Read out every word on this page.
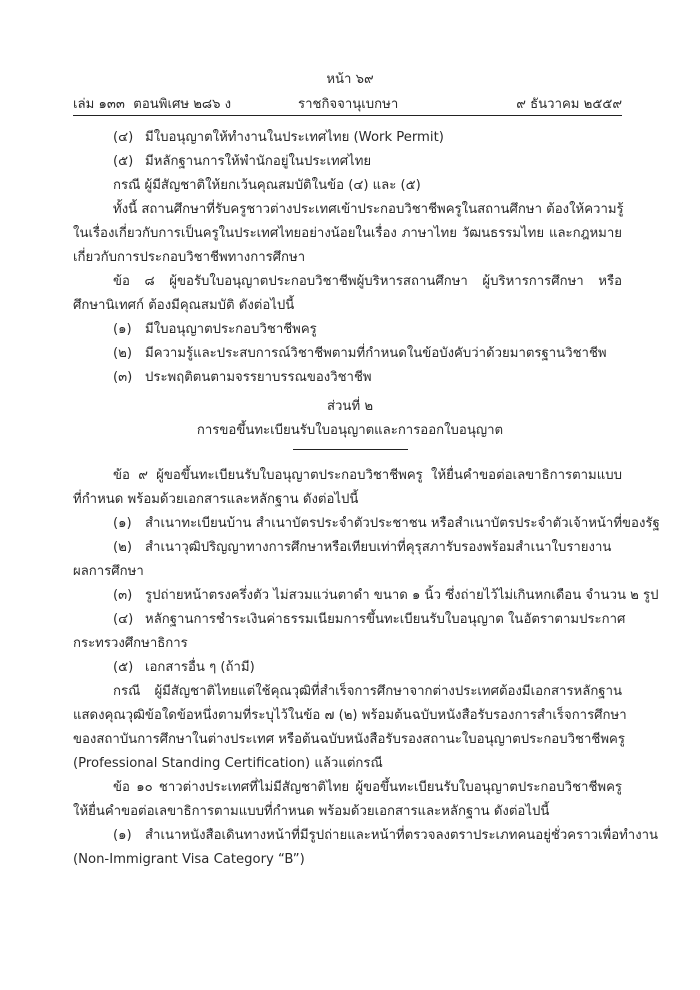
หน้า ๖๙
เล่ม ๑๓๓ ตอนพิเศษ ๒๘๖ ง	ราชกิจจานุเบกษา	๙ ธันวาคม ๒๕๕๙
(๔) มีใบอนุญาตให้ทำงานในประเทศไทย (Work Permit)
(๕) มีหลักฐานการให้พำนักอยู่ในประเทศไทย
กรณี ผู้มีสัญชาติให้ยกเว้นคุณสมบัติในข้อ (๔) และ (๕)
ทั้งนี้ สถานศึกษาที่รับครูชาวต่างประเทศเข้าประกอบวิชาชีพครูในสถานศึกษา ต้องให้ความรู้
ในเรื่องเกี่ยวกับการเป็นครูในประเทศไทยอย่างน้อยในเรื่อง ภาษาไทย วัฒนธรรมไทย และกฎหมาย
เกี่ยวกับการประกอบวิชาชีพทางการศึกษา
ข้อ ๘ ผู้ขอรับใบอนุญาตประกอบวิชาชีพผู้บริหารสถานศึกษา ผู้บริหารการศึกษา หรือ
ศึกษานิเทศก์ ต้องมีคุณสมบัติ ดังต่อไปนี้
(๑) มีใบอนุญาตประกอบวิชาชีพครู
(๒) มีความรู้และประสบการณ์วิชาชีพตามที่กำหนดในข้อบังคับว่าด้วยมาตรฐานวิชาชีพ
(๓) ประพฤติตนตามจรรยาบรรณของวิชาชีพ
ส่วนที่ ๒
การขอขึ้นทะเบียนรับใบอนุญาตและการออกใบอนุญาต
ข้อ ๙ ผู้ขอขึ้นทะเบียนรับใบอนุญาตประกอบวิชาชีพครู ให้ยื่นคำขอต่อเลขาธิการตามแบบ
ที่กำหนด พร้อมด้วยเอกสารและหลักฐาน ดังต่อไปนี้
(๑) สำเนาทะเบียนบ้าน สำเนาบัตรประจำตัวประชาชน หรือสำเนาบัตรประจำตัวเจ้าหน้าที่ของรัฐ
(๒) สำเนาวุฒิปริญญาทางการศึกษาหรือเทียบเท่าที่คุรุสภารับรองพร้อมสำเนาใบรายงาน
ผลการศึกษา
(๓) รูปถ่ายหน้าตรงครึ่งตัว ไม่สวมแว่นตาดำ ขนาด ๑ นิ้ว ซึ่งถ่ายไว้ไม่เกินหกเดือน จำนวน ๒ รูป
(๔) หลักฐานการชำระเงินค่าธรรมเนียมการขึ้นทะเบียนรับใบอนุญาต ในอัตราตามประกาศ
กระทรวงศึกษาธิการ
(๕) เอกสารอื่น ๆ (ถ้ามี)
กรณี ผู้มีสัญชาติไทยแต่ใช้คุณวุฒิที่สำเร็จการศึกษาจากต่างประเทศต้องมีเอกสารหลักฐาน
แสดงคุณวุฒิข้อใดข้อหนึ่งตามที่ระบุไว้ในข้อ ๗ (๒) พร้อมต้นฉบับหนังสือรับรองการสำเร็จการศึกษา
ของสถาบันการศึกษาในต่างประเทศ หรือต้นฉบับหนังสือรับรองสถานะใบอนุญาตประกอบวิชาชีพครู
(Professional Standing Certification) แล้วแต่กรณี
ข้อ ๑๐ ชาวต่างประเทศที่ไม่มีสัญชาติไทย ผู้ขอขึ้นทะเบียนรับใบอนุญาตประกอบวิชาชีพครู
ให้ยื่นคำขอต่อเลขาธิการตามแบบที่กำหนด พร้อมด้วยเอกสารและหลักฐาน ดังต่อไปนี้
(๑) สำเนาหนังสือเดินทางหน้าที่มีรูปถ่ายและหน้าที่ตรวจลงตราประเภทคนอยู่ชั่วคราวเพื่อทำงาน
(Non-Immigrant Visa Category “B”)
